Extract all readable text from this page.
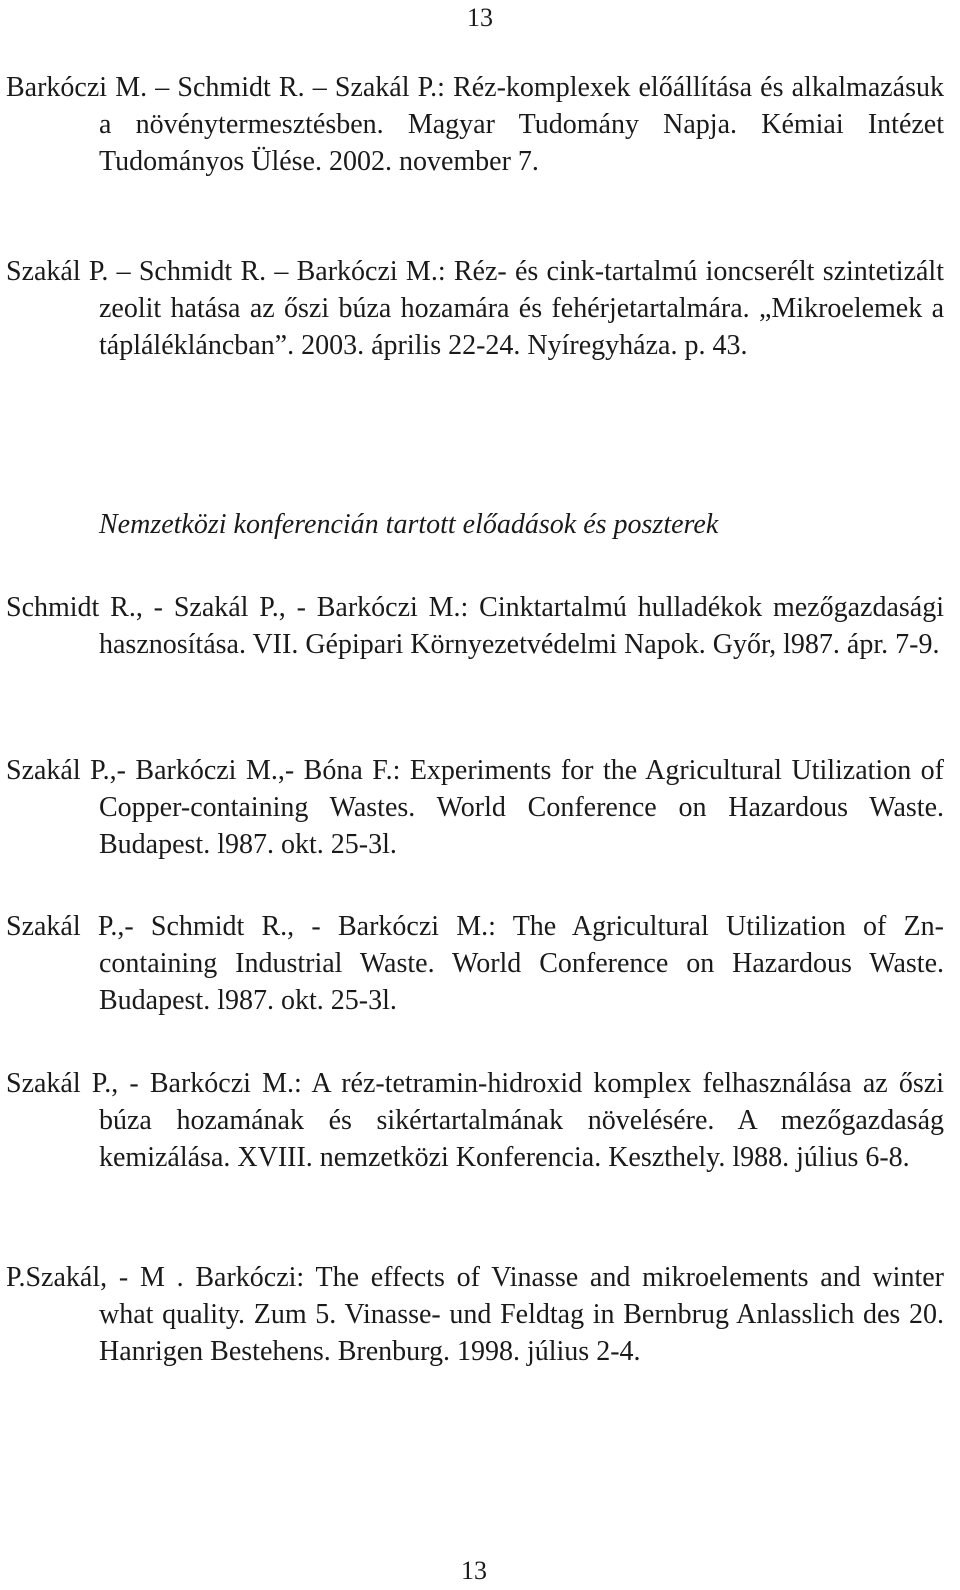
13

Barkóczi M. – Schmidt R. – Szakál P.: Réz-komplexek előállítása és alkalmazásuk a növénytermesztésben. Magyar Tudomány Napja. Kémiai Intézet Tudományos Ülése. 2002. november 7.

Szakál P. – Schmidt R. – Barkóczi M.: Réz- és cink-tartalmú ioncserélt szintetizált zeolit hatása az őszi búza hozamára és fehérjetartalmára. „Mikroelemek a táplálékláncban”. 2003. április 22-24. Nyíregyháza. p. 43.

Nemzetközi konferencián tartott előadások és poszterek

Schmidt R., - Szakál P., - Barkóczi M.: Cinktartalmú hulladékok mezőgazdasági hasznosítása. VII. Gépipari Környezetvédelmi Napok. Győr, l987. ápr. 7-9.

Szakál P.,- Barkóczi M.,- Bóna F.: Experiments for the Agricultural Utilization of Copper-containing Wastes. World Conference on Hazardous Waste. Budapest. l987. okt. 25-3l.

Szakál P.,- Schmidt R., - Barkóczi M.: The Agricultural Utilization of Zn-containing Industrial Waste. World Conference on Hazardous Waste. Budapest. l987. okt. 25-3l.

Szakál P., - Barkóczi M.: A réz-tetramin-hidroxid komplex felhasználása az őszi búza hozamának és sikértartalmának növelésére. A mezőgazdaság kemizálása. XVIII. nemzetközi Konferencia. Keszthely. l988. július 6-8.

P.Szakál, - M . Barkóczi: The effects of Vinasse and mikroelements and winter what quality. Zum 5. Vinasse- und Feldtag in Bernbrug Anlasslich des 20. Hanrigen Bestehens. Brenburg. 1998. július 2-4.

13
